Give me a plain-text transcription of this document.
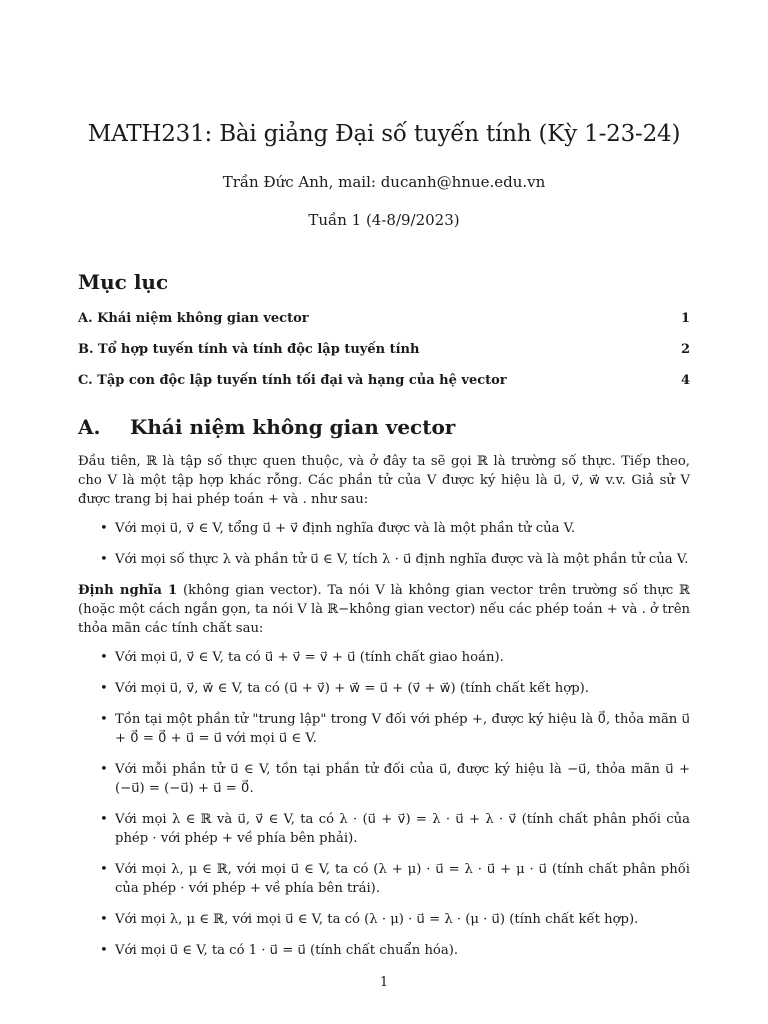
MATH231: Bài giảng Đại số tuyến tính (Kỳ 1-23-24)
Trần Đức Anh, mail: ducanh@hnue.edu.vn
Tuần 1 (4-8/9/2023)
Mục lục
A. Khái niệm không gian vector	1
B. Tổ hợp tuyến tính và tính độc lập tuyến tính	2
C. Tập con độc lập tuyến tính tối đại và hạng của hệ vector	4
A. Khái niệm không gian vector

Đầu tiên, ℝ là tập số thực quen thuộc, và ở đây ta sẽ gọi ℝ là trường số thực. Tiếp theo, cho V là một tập hợp khác rỗng. Các phần tử của V được ký hiệu là u⃗, v⃗, w⃗ v.v. Giả sử V được trang bị hai phép toán + và . như sau:

• Với mọi u⃗, v⃗ ∈ V, tổng u⃗ + v⃗ định nghĩa được và là một phần tử của V.
• Với mọi số thực λ và phần tử u⃗ ∈ V, tích λ · u⃗ định nghĩa được và là một phần tử của V.

Định nghĩa 1 (không gian vector). Ta nói V là không gian vector trên trường số thực ℝ (hoặc một cách ngắn gọn, ta nói V là ℝ−không gian vector) nếu các phép toán + và . ở trên thỏa mãn các tính chất sau:

• Với mọi u⃗, v⃗ ∈ V, ta có u⃗ + v⃗ = v⃗ + u⃗ (tính chất giao hoán).
• Với mọi u⃗, v⃗, w⃗ ∈ V, ta có (u⃗ + v⃗) + w⃗ = u⃗ + (v⃗ + w⃗) (tính chất kết hợp).
• Tồn tại một phần tử "trung lập" trong V đối với phép +, được ký hiệu là 0⃗, thỏa mãn u⃗ + 0⃗ = 0⃗ + u⃗ = u⃗ với mọi u⃗ ∈ V.
• Với mỗi phần tử u⃗ ∈ V, tồn tại phần tử đối của u⃗, được ký hiệu là −u⃗, thỏa mãn u⃗ + (−u⃗) = (−u⃗) + u⃗ = 0⃗.
• Với mọi λ ∈ ℝ và u⃗, v⃗ ∈ V, ta có λ · (u⃗ + v⃗) = λ · u⃗ + λ · v⃗ (tính chất phân phối của phép · với phép + về phía bên phải).
• Với mọi λ, μ ∈ ℝ, với mọi u⃗ ∈ V, ta có (λ + μ) · u⃗ = λ · u⃗ + μ · u⃗ (tính chất phân phối của phép · với phép + về phía bên trái).
• Với mọi λ, μ ∈ ℝ, với mọi u⃗ ∈ V, ta có (λ · μ) · u⃗ = λ · (μ · u⃗) (tính chất kết hợp).
• Với mọi u⃗ ∈ V, ta có 1 · u⃗ = u⃗ (tính chất chuẩn hóa).
1
